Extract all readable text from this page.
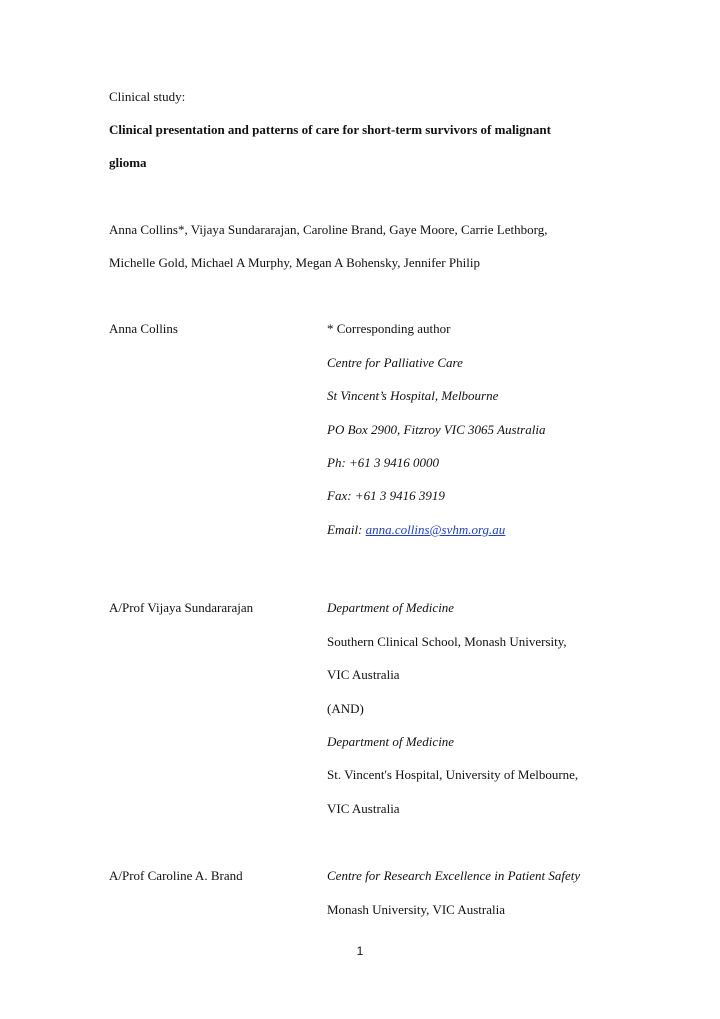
Clinical study:
Clinical presentation and patterns of care for short-term survivors of malignant
glioma
Anna Collins*, Vijaya Sundararajan, Caroline Brand, Gaye Moore, Carrie Lethborg,
Michelle Gold, Michael A Murphy, Megan A Bohensky, Jennifer Philip
Anna Collins	* Corresponding author
Centre for Palliative Care
St Vincent’s Hospital, Melbourne
PO Box 2900, Fitzroy VIC 3065 Australia
Ph: +61 3 9416 0000
Fax: +61 3 9416 3919
Email: anna.collins@svhm.org.au
A/Prof Vijaya Sundararajan	Department of Medicine
Southern Clinical School, Monash University,
VIC Australia
(AND)
Department of Medicine
St. Vincent's Hospital, University of Melbourne,
VIC Australia
A/Prof Caroline A. Brand	Centre for Research Excellence in Patient Safety
Monash University, VIC Australia
1
